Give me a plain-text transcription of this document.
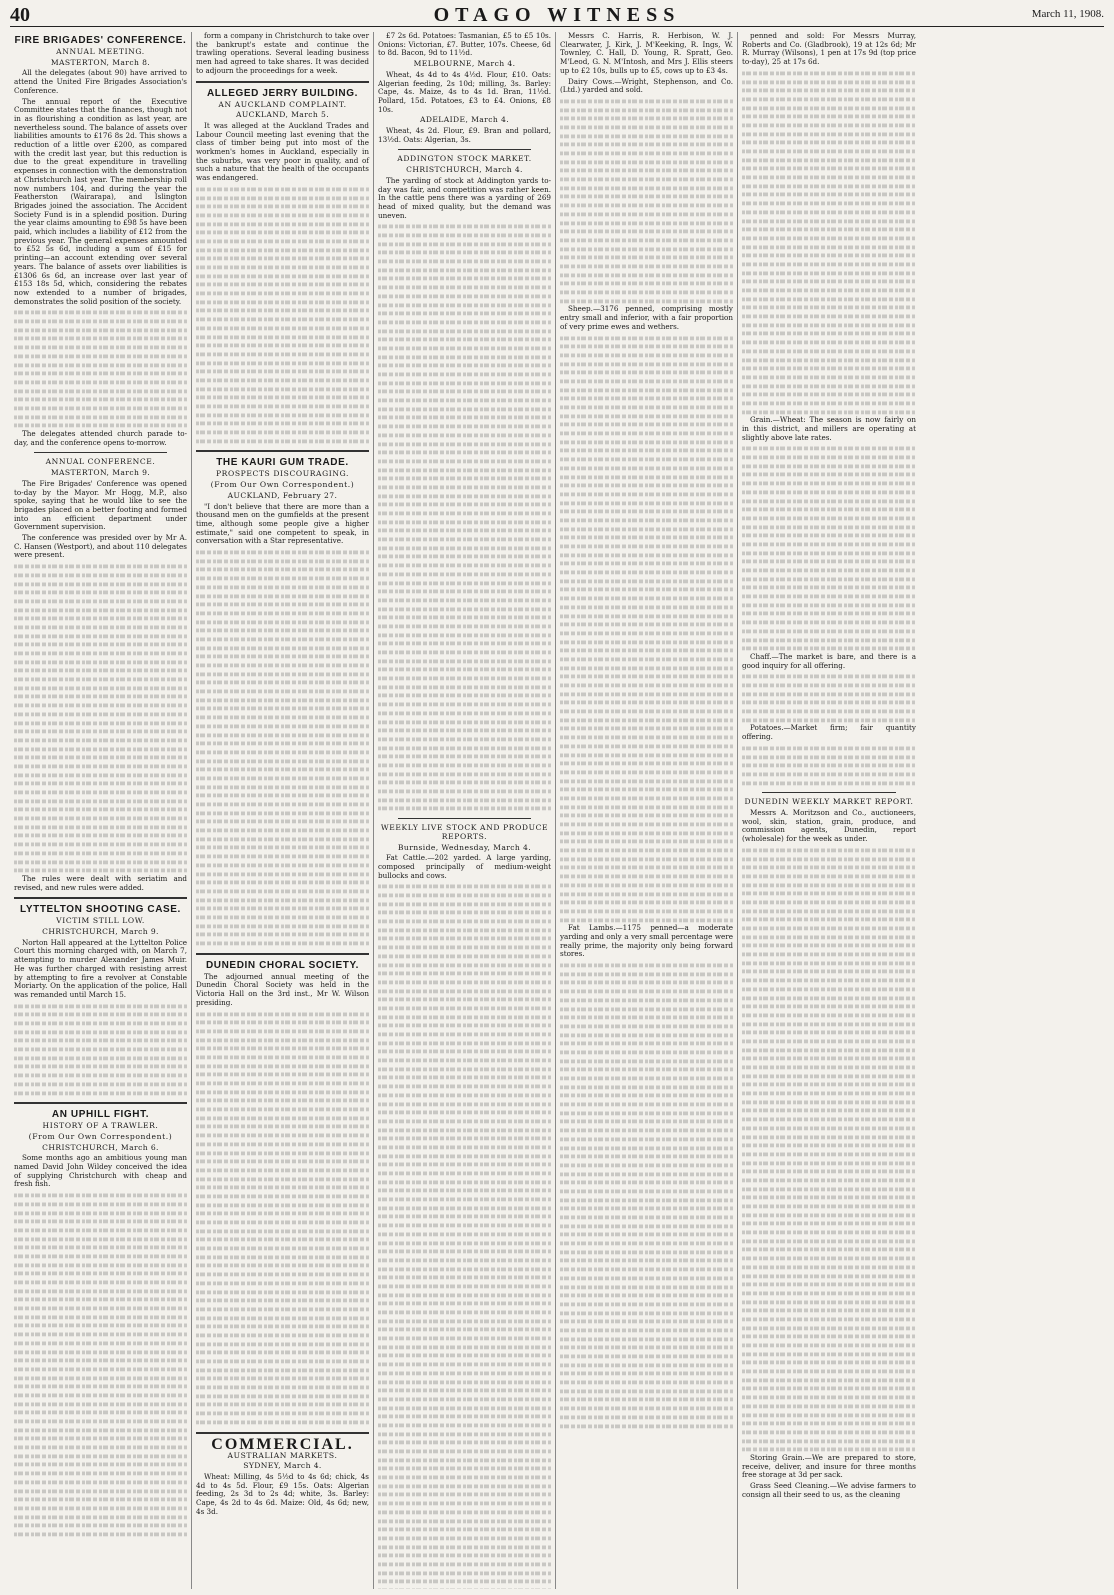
40	OTAGO WITNESS	March 11, 1908.
FIRE BRIGADES' CONFERENCE.
ANNUAL MEETING.
MASTERTON, March 8.

All the delegates (about 90) have arrived to attend the United Fire Brigades Association's Conference.

The annual report of the Executive Committee states that the finances, though not in as flourishing a condition as last year, are nevertheless sound. The balance of assets over liabilities amounts to £176 8s 2d. This shows a reduction of a little over £200, as compared with the credit last year, but this reduction is due to the great expenditure in travelling expenses in connection with the demonstration at Christchurch last year. The membership roll now numbers 104, and during the year the Featherston (Wairarapa), and Islington Brigades joined the association. The Accident Society Fund is in a splendid position. During the year claims amounting to £98 5s have been paid, which includes a liability of £12 from the previous year. The general expenses amounted to £52 5s 6d, including a sum of £15 for printing—an account extending over several years. The balance of assets over liabilities is £1306 6s 6d, an increase over last year of £153 18s 5d, which, considering the rebates now extended to a number of brigades, demonstrates the solid position of the society.

The delegates attended church parade to-day, and the conference opens to-morrow.

ANNUAL CONFERENCE.
MASTERTON, March 9.

The Fire Brigades' Conference was opened to-day by the Mayor. Mr Hogg, M.P., also spoke, saying that he would like to see the brigades placed on a better footing and formed into an efficient department under Government supervision.

The conference was presided over by Mr A. C. Hansen (Westport), and about 110 delegates were present.

The rules were dealt with seriatim and revised, and new rules were added.

LYTTELTON SHOOTING CASE.
VICTIM STILL LOW.
CHRISTCHURCH, March 9.

Norton Hall appeared at the Lyttelton Police Court this morning charged with, on March 7, attempting to murder Alexander James Muir. He was further charged with resisting arrest by attempting to fire a revolver at Constable Moriarty. On the application of the police, Hall was remanded until March 15.

AN UPHILL FIGHT.
HISTORY OF A TRAWLER.
(From Our Own Correspondent.)
CHRISTCHURCH, March 6.

Some months ago an ambitious young man named David John Wildey conceived the idea of supplying Christchurch with cheap and fresh fish.

form a company in Christchurch to take over the bankrupt's estate and continue the trawling operations. Several leading business men had agreed to take shares. It was decided to adjourn the proceedings for a week.

ALLEGED JERRY BUILDING.
AN AUCKLAND COMPLAINT.
AUCKLAND, March 5.

It was alleged at the Auckland Trades and Labour Council meeting last evening that the class of timber being put into most of the workmen's homes in Auckland, especially in the suburbs, was very poor in quality, and of such a nature that the health of the occupants was endangered.

THE KAURI GUM TRADE.
PROSPECTS DISCOURAGING.
(From Our Own Correspondent.)
AUCKLAND, February 27.

"I don't believe that there are more than a thousand men on the gumfields at the present time, although some people give a higher estimate," said one competent to speak, in conversation with a Star representative.

DUNEDIN CHORAL SOCIETY.

The adjourned annual meeting of the Dunedin Choral Society was held in the Victoria Hall on the 3rd inst., Mr W. Wilson presiding.

COMMERCIAL.
AUSTRALIAN MARKETS.
SYDNEY, March 4.

Wheat: Milling, 4s 5½d to 4s 6d; chick, 4s 4d to 4s 5d. Flour, £9 15s. Oats: Algerian feeding, 2s 3d to 2s 4d; white, 3s. Barley: Cape, 4s 2d to 4s 6d. Maize: Old, 4s 6d; new, 4s 3d.

£7 2s 6d. Potatoes: Tasmanian, £5 to £5 10s. Onions: Victorian, £7. Butter, 107s. Cheese, 6d to 8d. Bacon, 9d to 11½d.

MELBOURNE, March 4.

Wheat, 4s 4d to 4s 4½d. Flour, £10. Oats: Algerian feeding, 2s 10d; milling, 3s. Barley: Cape, 4s. Maize, 4s to 4s 1d. Bran, 11½d. Pollard, 15d. Potatoes, £3 to £4. Onions, £8 10s.

ADELAIDE, March 4.

Wheat, 4s 2d. Flour, £9. Bran and pollard, 13½d. Oats: Algerian, 3s.

ADDINGTON STOCK MARKET.
CHRISTCHURCH, March 4.

The yarding of stock at Addington yards to-day was fair, and competition was rather keen. In the cattle pens there was a yarding of 269 head of mixed quality, but the demand was uneven.

WEEKLY LIVE STOCK AND PRODUCE REPORTS.
Burnside, Wednesday, March 4.

Fat Cattle.—202 yarded. A large yarding, composed principally of medium-weight bullocks and cows.

Messrs C. Harris, R. Herbison, W. J. Clearwater, J. Kirk, J. M'Keeking, R. Ings, W. Townley, C. Hall, D. Young, R. Spratt, Geo. M'Leod, G. N. M'Intosh, and Mrs J. Ellis steers up to £2 10s, bulls up to £5, cows up to £3 4s.

Dairy Cows.—Wright, Stephenson, and Co. (Ltd.) yarded and sold.

Sheep.—3176 penned, comprising mostly entry small and inferior, with a fair proportion of very prime ewes and wethers.

Fat Lambs.—1175 penned—a moderate yarding and only a very small percentage were really prime, the majority only being forward stores.

penned and sold: For Messrs Murray, Roberts and Co. (Gladbrook), 19 at 12s 6d; Mr R. Murray (Wilsons), 1 pen at 17s 9d (top price to-day), 25 at 17s 6d.

Grain.—Wheat: The season is now fairly on in this district, and millers are operating at slightly above late rates.

Chaff.—The market is bare, and there is a good inquiry for all offering.

Potatoes.—Market firm; fair quantity offering.

DUNEDIN WEEKLY MARKET REPORT.

Messrs A. Moritzson and Co., auctioneers, wool, skin, station, grain, produce, and commission agents, Dunedin, report (wholesale) for the week as under.

Storing Grain.—We are prepared to store, receive, deliver, and insure for three months free storage at 3d per sack.

Grass Seed Cleaning.—We advise farmers to consign all their seed to us, as the cleaning
